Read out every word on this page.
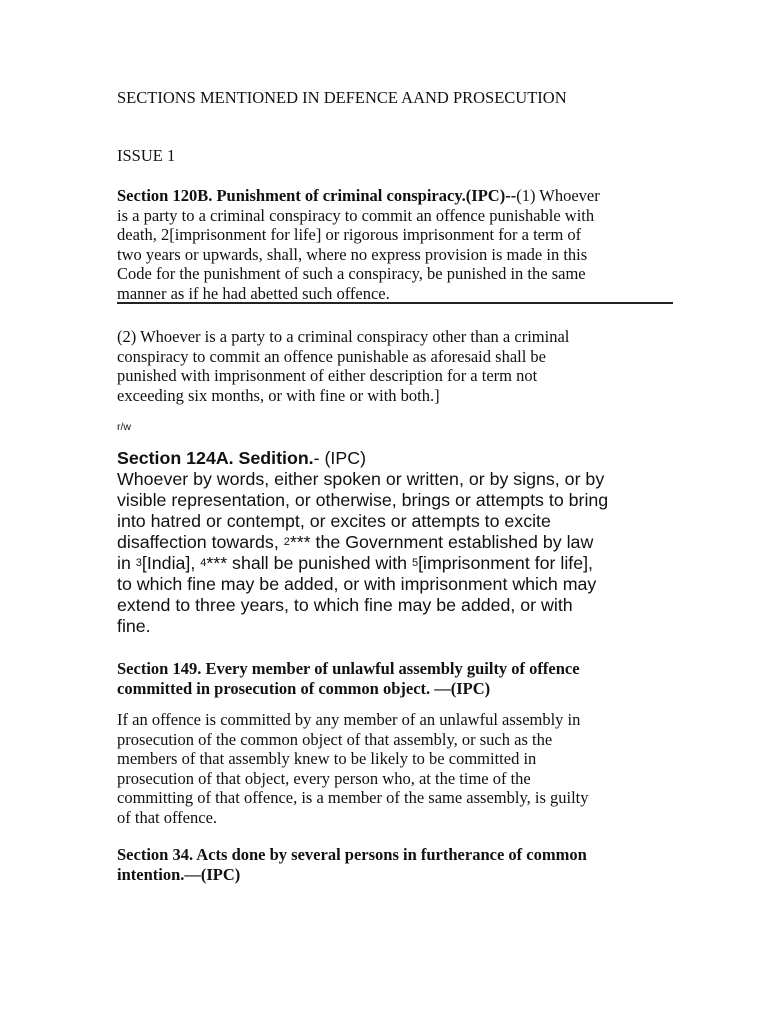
SECTIONS MENTIONED IN DEFENCE AAND PROSECUTION
ISSUE 1
Section 120B. Punishment of criminal conspiracy.(IPC)--(1) Whoever
is a party to a criminal conspiracy to commit an offence punishable with
death, 2[imprisonment for life] or rigorous imprisonment for a term of
two years or upwards, shall, where no express provision is made in this
Code for the punishment of such a conspiracy, be punished in the same
manner as if he had abetted such offence.
(2) Whoever is a party to a criminal conspiracy other than a criminal
conspiracy to commit an offence punishable as aforesaid shall be
punished with imprisonment of either description for a term not
exceeding six months, or with fine or with both.]
r/w
Section 124A. Sedition.- (IPC)
Whoever by words, either spoken or written, or by signs, or by
visible representation, or otherwise, brings or attempts to bring
into hatred or contempt, or excites or attempts to excite
disaffection towards, $^2$*** the Government established by law
in $^3$[India], $^4$*** shall be punished with $^5$[imprisonment for life],
to which fine may be added, or with imprisonment which may
extend to three years, to which fine may be added, or with
fine.
Section 149. Every member of unlawful assembly guilty of offence
committed in prosecution of common object. —(IPC)
If an offence is committed by any member of an unlawful assembly in
prosecution of the common object of that assembly, or such as the
members of that assembly knew to be likely to be committed in
prosecution of that object, every person who, at the time of the
committing of that offence, is a member of the same assembly, is guilty
of that offence.
Section 34. Acts done by several persons in furtherance of common
intention.—(IPC)
